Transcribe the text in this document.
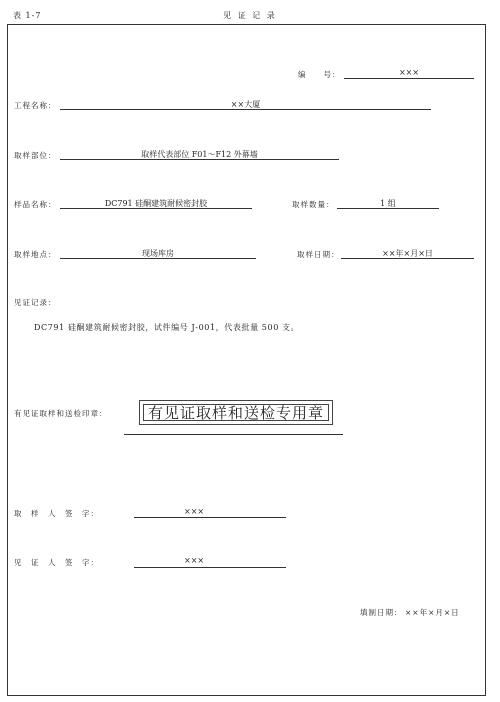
表 1-7	见 证 记 录
编　　号：	×××
工程名称：	××大厦
取样部位：	取样代表部位 F01～F12 外幕墙
样品名称：	DC791 硅酮建筑耐候密封胶	取样数量：	1 组
取样地点：	现场库房	取样日期：	××年×月×日
见证记录：
DC791 硅酮建筑耐候密封胶，试件编号 J-001，代表批量 500 支。
有见证取样和送检印章：	有见证取样和送检专用章
取　样　人　签　字：	×××
见　证　人　签　字：	×××
填制日期： ××年×月×日
